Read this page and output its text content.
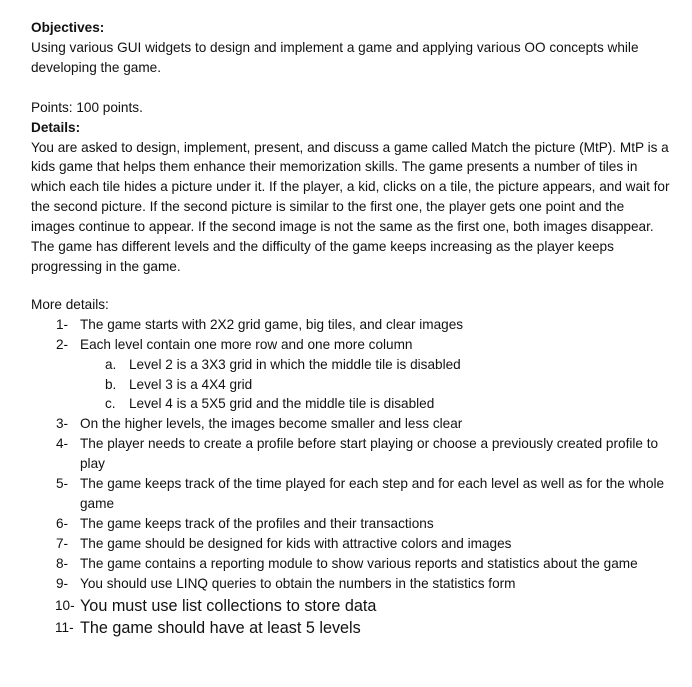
Objectives:

Using various GUI widgets to design and implement a game and applying various OO concepts while developing the game.

Points: 100 points.

Details:

You are asked to design, implement, present, and discuss a game called Match the picture (MtP). MtP is a kids game that helps them enhance their memorization skills. The game presents a number of tiles in which each tile hides a picture under it. If the player, a kid, clicks on a tile, the picture appears, and wait for the second picture. If the second picture is similar to the first one, the player gets one point and the images continue to appear. If the second image is not the same as the first one, both images disappear. The game has different levels and the difficulty of the game keeps increasing as the player keeps progressing in the game.

More details:

1- The game starts with 2X2 grid game, big tiles, and clear images
2- Each level contain one more row and one more column
a. Level 2 is a 3X3 grid in which the middle tile is disabled
b. Level 3 is a 4X4 grid
c. Level 4 is a 5X5 grid and the middle tile is disabled
3- On the higher levels, the images become smaller and less clear
4- The player needs to create a profile before start playing or choose a previously created profile to play
5- The game keeps track of the time played for each step and for each level as well as for the whole game
6- The game keeps track of the profiles and their transactions
7- The game should be designed for kids with attractive colors and images
8- The game contains a reporting module to show various reports and statistics about the game
9- You should use LINQ queries to obtain the numbers in the statistics form
10- You must use list collections to store data
11- The game should have at least 5 levels
